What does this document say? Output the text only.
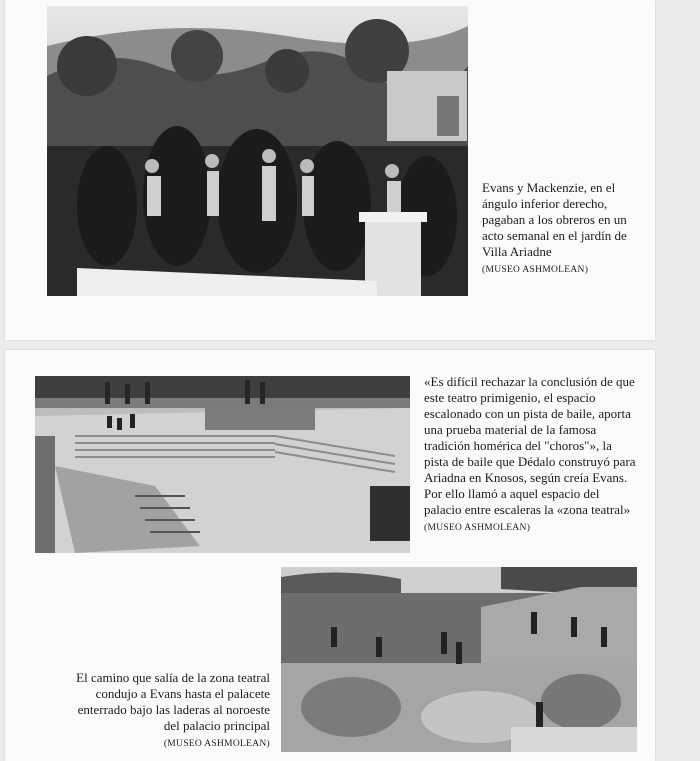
Evans y Mackenzie, en el ángulo inferior derecho, pagaban a los obreros en un acto semanal en el jardín de Villa Ariadne
(MUSEO ASHMOLEAN)
«Es difícil rechazar la conclusión de que este teatro primigenio, el espacio escalonado con un pista de baile, aporta una prueba material de la famosa tradición homérica del "choros"», la pista de baile que Dédalo construyó para Ariadna en Knosos, según creía Evans. Por ello llamó a aquel espacio del palacio entre escaleras la «zona teatral»
(MUSEO ASHMOLEAN)
El camino que salía de la zona teatral condujo a Evans hasta el palacete enterrado bajo las laderas al noroeste del palacio principal
(MUSEO ASHMOLEAN)
